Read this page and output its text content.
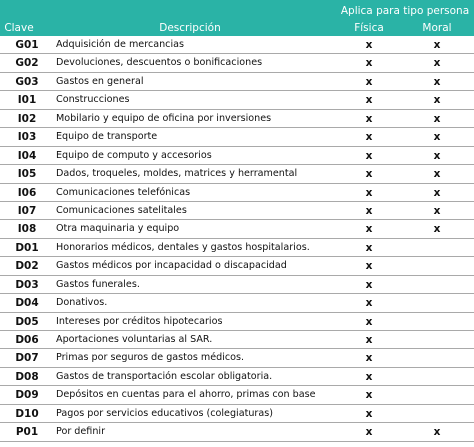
Aplica para tipo persona
Clave	Descripción	Física	Moral
G01	Adquisición de mercancias	x	x
G02	Devoluciones, descuentos o bonificaciones	x	x
G03	Gastos en general	x	x
I01	Construcciones	x	x
I02	Mobilario y equipo de oficina por inversiones	x	x
I03	Equipo de transporte	x	x
I04	Equipo de computo y accesorios	x	x
I05	Dados, troqueles, moldes, matrices y herramental	x	x
I06	Comunicaciones telefónicas	x	x
I07	Comunicaciones satelitales	x	x
I08	Otra maquinaria y equipo	x	x
D01	Honorarios médicos, dentales y gastos hospitalarios.	x
D02	Gastos médicos por incapacidad o discapacidad	x
D03	Gastos funerales.	x
D04	Donativos.	x
D05	Intereses por créditos hipotecarios	x
D06	Aportaciones voluntarias al SAR.	x
D07	Primas por seguros de gastos médicos.	x
D08	Gastos de transportación escolar obligatoria.	x
D09	Depósitos en cuentas para el ahorro, primas con base	x
D10	Pagos por servicios educativos (colegiaturas)	x
P01	Por definir	x	x
